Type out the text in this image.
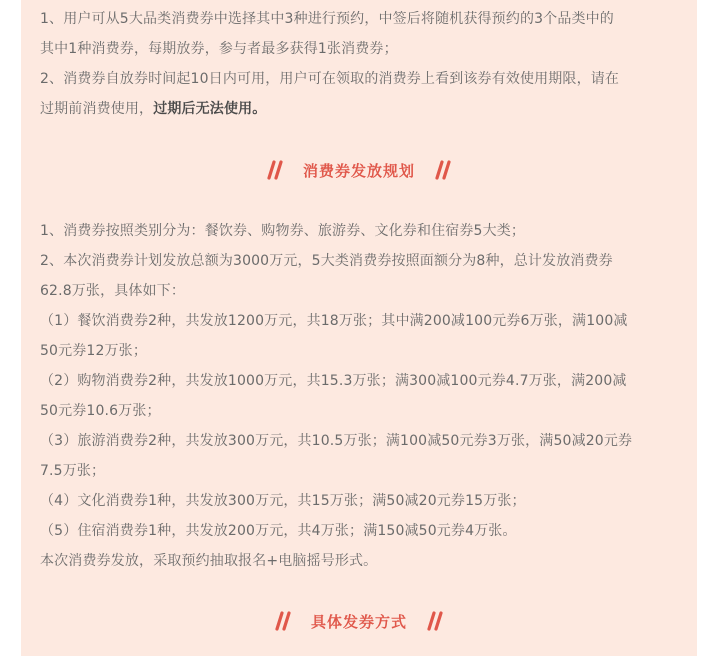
1、用户可从5大品类消费券中选择其中3种进行预约，中签后将随机获得预约的3个品类中的
其中1种消费券，每期放券，参与者最多获得1张消费券；
2、消费券自放券时间起10日内可用，用户可在领取的消费券上看到该券有效使用期限，请在
过期前消费使用，过期后无法使用。
消费券发放规划
1、消费券按照类别分为：餐饮券、购物券、旅游券、文化券和住宿券5大类；
2、本次消费券计划发放总额为3000万元，5大类消费券按照面额分为8种，总计发放消费券
62.8万张，具体如下：
（1）餐饮消费券2种，共发放1200万元，共18万张；其中满200减100元券6万张，满100减
50元券12万张；
（2）购物消费券2种，共发放1000万元，共15.3万张；满300减100元券4.7万张，满200减
50元券10.6万张；
（3）旅游消费券2种，共发放300万元，共10.5万张；满100减50元券3万张，满50减20元券
7.5万张；
（4）文化消费券1种，共发放300万元，共15万张；满50减20元券15万张；
（5）住宿消费券1种，共发放200万元，共4万张；满150减50元券4万张。
本次消费券发放，采取预约抽取报名+电脑摇号形式。
具体发券方式
